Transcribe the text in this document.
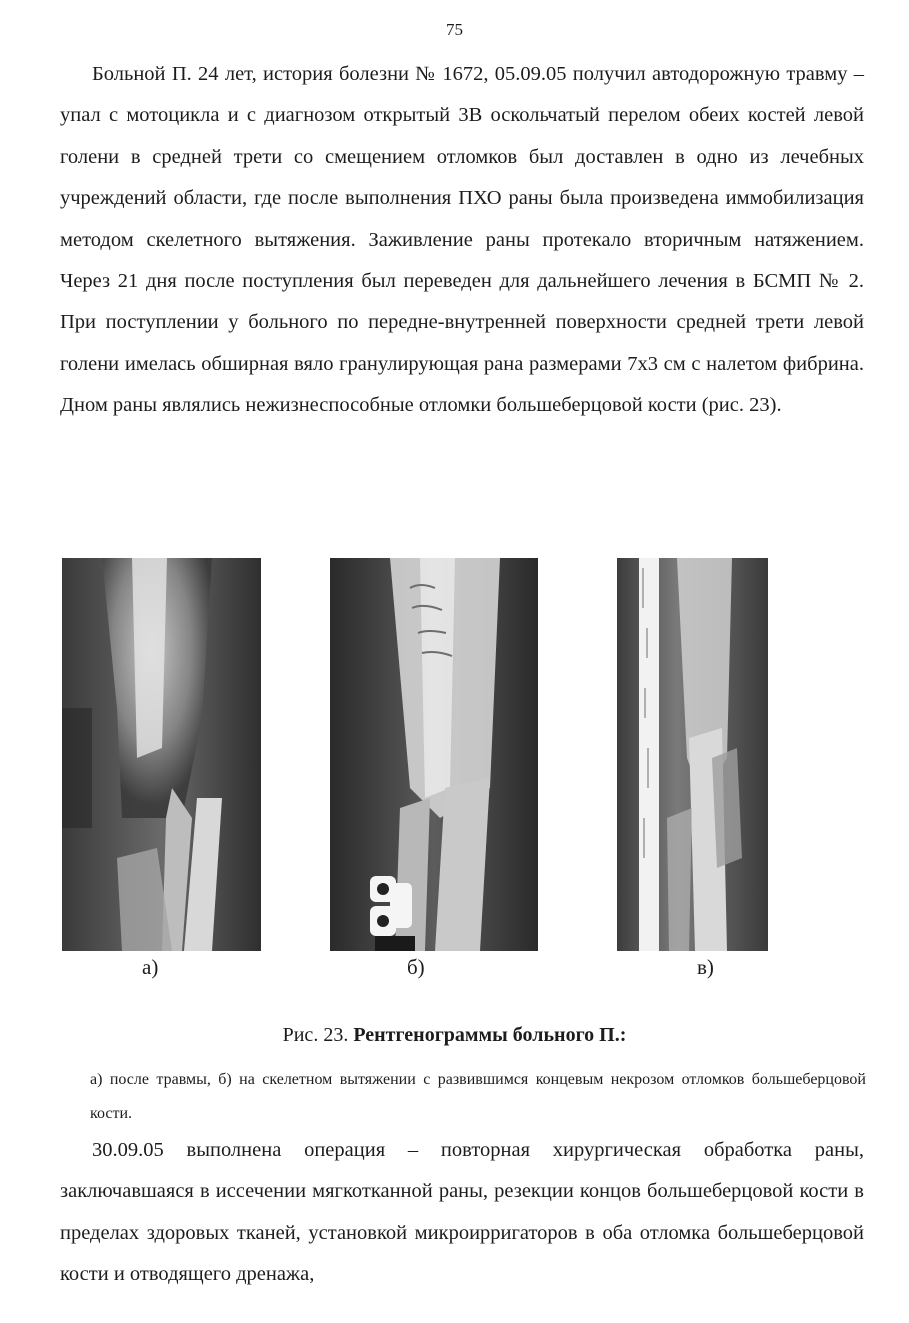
75

Больной П. 24 лет, история болезни № 1672, 05.09.05 получил автодорожную травму – упал с мотоцикла и с диагнозом открытый 3В оскольчатый перелом обеих костей левой голени в средней трети со смещением отломков был доставлен в одно из лечебных учреждений области, где после выполнения ПХО раны была произведена иммобилизация методом скелетного вытяжения. Заживление раны протекало вторичным натяжением. Через 21 дня после поступления был переведен для дальнейшего лечения в БСМП № 2. При поступлении у больного по передне-внутренней поверхности средней трети левой голени имелась обширная вяло гранулирующая рана размерами 7х3 см с налетом фибрина. Дном раны являлись нежизнеспособные отломки большеберцовой кости (рис. 23).

а)	б)	в)
Рис. 23. Рентгенограммы больного П.:

а) после травмы, б) на скелетном вытяжении с развившимся концевым некрозом отломков большеберцовой кости.

30.09.05 выполнена операция – повторная хирургическая обработка раны, заключавшаяся в иссечении мягкотканной раны, резекции концов большеберцовой кости в пределах здоровых тканей, установкой микроирригаторов в оба отломка большеберцовой кости и отводящего дренажа,
